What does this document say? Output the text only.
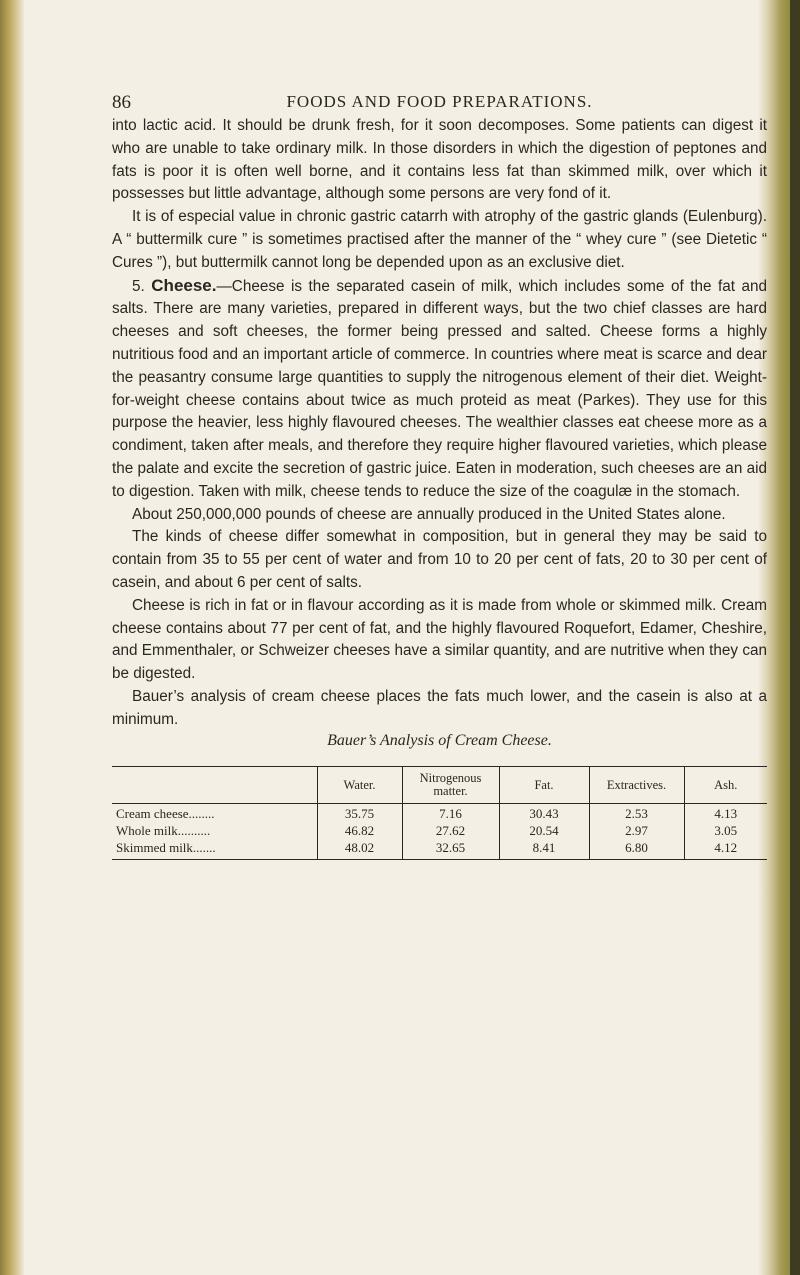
86	FOODS AND FOOD PREPARATIONS.

into lactic acid. It should be drunk fresh, for it soon decomposes. Some patients can digest it who are unable to take ordinary milk. In those disorders in which the digestion of peptones and fats is poor it is often well borne, and it contains less fat than skimmed milk, over which it possesses but little advantage, although some persons are very fond of it.

It is of especial value in chronic gastric catarrh with atrophy of the gastric glands (Eulenburg). A “ buttermilk cure ” is sometimes practised after the manner of the “ whey cure ” (see Dietetic “ Cures ”), but buttermilk cannot long be depended upon as an exclusive diet.

5. Cheese.—Cheese is the separated casein of milk, which includes some of the fat and salts. There are many varieties, prepared in different ways, but the two chief classes are hard cheeses and soft cheeses, the former being pressed and salted. Cheese forms a highly nutritious food and an important article of commerce. In countries where meat is scarce and dear the peasantry consume large quantities to supply the nitrogenous element of their diet. Weight-for-weight cheese contains about twice as much proteid as meat (Parkes). They use for this purpose the heavier, less highly flavoured cheeses. The wealthier classes eat cheese more as a condiment, taken after meals, and therefore they require higher flavoured varieties, which please the palate and excite the secretion of gastric juice. Eaten in moderation, such cheeses are an aid to digestion. Taken with milk, cheese tends to reduce the size of the coagulæ in the stomach.

About 250,000,000 pounds of cheese are annually produced in the United States alone.

The kinds of cheese differ somewhat in composition, but in general they may be said to contain from 35 to 55 per cent of water and from 10 to 20 per cent of fats, 20 to 30 per cent of casein, and about 6 per cent of salts.

Cheese is rich in fat or in flavour according as it is made from whole or skimmed milk. Cream cheese contains about 77 per cent of fat, and the highly flavoured Roquefort, Edamer, Cheshire, and Emmenthaler, or Schweizer cheeses have a similar quantity, and are nutritive when they can be digested.

Bauer’s analysis of cream cheese places the fats much lower, and the casein is also at a minimum.

Bauer’s Analysis of Cream Cheese.
	Water.	Nitrogenous matter.	Fat.	Extractives.	Ash.
Cream cheese........	35.75	7.16	30.43	2.53	4.13
Whole milk..........	46.82	27.62	20.54	2.97	3.05
Skimmed milk.......	48.02	32.65	8.41	6.80	4.12
